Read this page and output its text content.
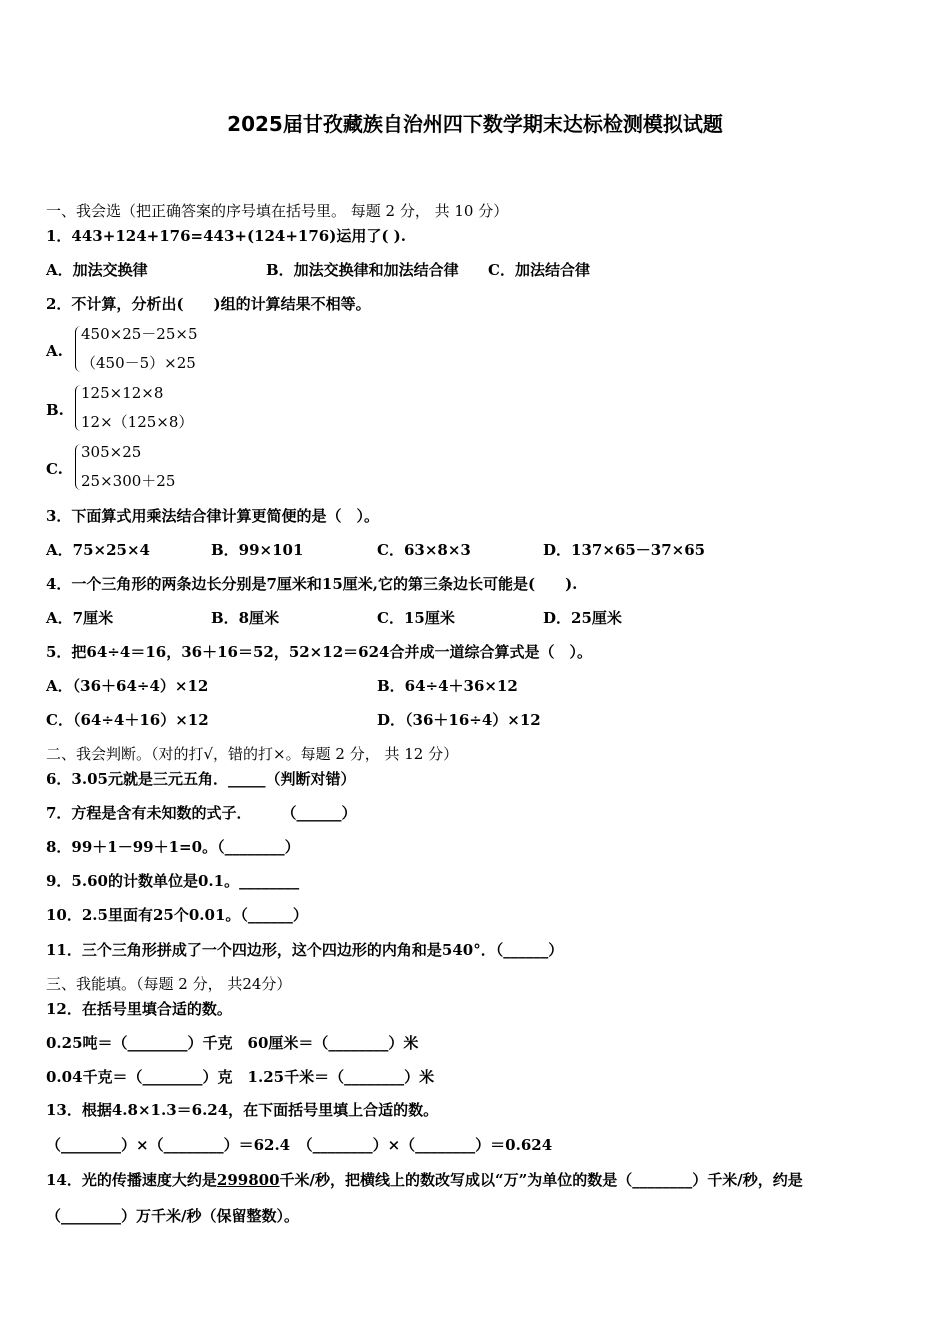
2025届甘孜藏族自治州四下数学期末达标检测模拟试题
一、我会选（把正确答案的序号填在括号里。 每题 2 分， 共 10 分）
1．443+124+176=443+(124+176)运用了( ).
A．加法交换律	B．加法交换律和加法结合律 C．加法结合律
2．不计算，分析出(　　)组的计算结果不相等。
A.
450×25－25×5
（450－5）×25
B.
125×12×8
12×（125×8）
C.
305×25
25×300＋25
3．下面算式用乘法结合律计算更简便的是（　）。
A．75×25×4	B．99×101	C．63×8×3	D．137×65－37×65
4．一个三角形的两条边长分别是7厘米和15厘米,它的第三条边长可能是(　　).
A．7厘米	B．8厘米	C．15厘米	D．25厘米
5．把64÷4＝16，36＋16＝52，52×12＝624合并成一道综合算式是（　）。
A．（36＋64÷4）×12	B．64÷4＋36×12
C．（64÷4＋16）×12	D．（36＋16÷4）×12
二、我会判断。（对的打√，错的打×。每题 2 分， 共 12 分）
6．3.05元就是三元五角．_____（判断对错）
7．方程是含有未知数的式子．　　　（______）
8．99＋1－99＋1=0。（________）
9．5.60的计数单位是0.1。________
10．2.5里面有25个0.01。（______）
11．三个三角形拼成了一个四边形，这个四边形的内角和是540°．（______）
三、我能填。（每题 2 分， 共24分）
12．在括号里填合适的数。
0.25吨＝（________）千克　60厘米＝（________）米
0.04千克＝（________）克　1.25千米＝（________）米
13．根据4.8×1.3＝6.24，在下面括号里填上合适的数。
（________）×（________）＝62.4　（________）×（________）＝0.624
14．光的传播速度大约是299800千米/秒，把横线上的数改写成以“万”为单位的数是（________）千米/秒，约是
（________）万千米/秒（保留整数）。
